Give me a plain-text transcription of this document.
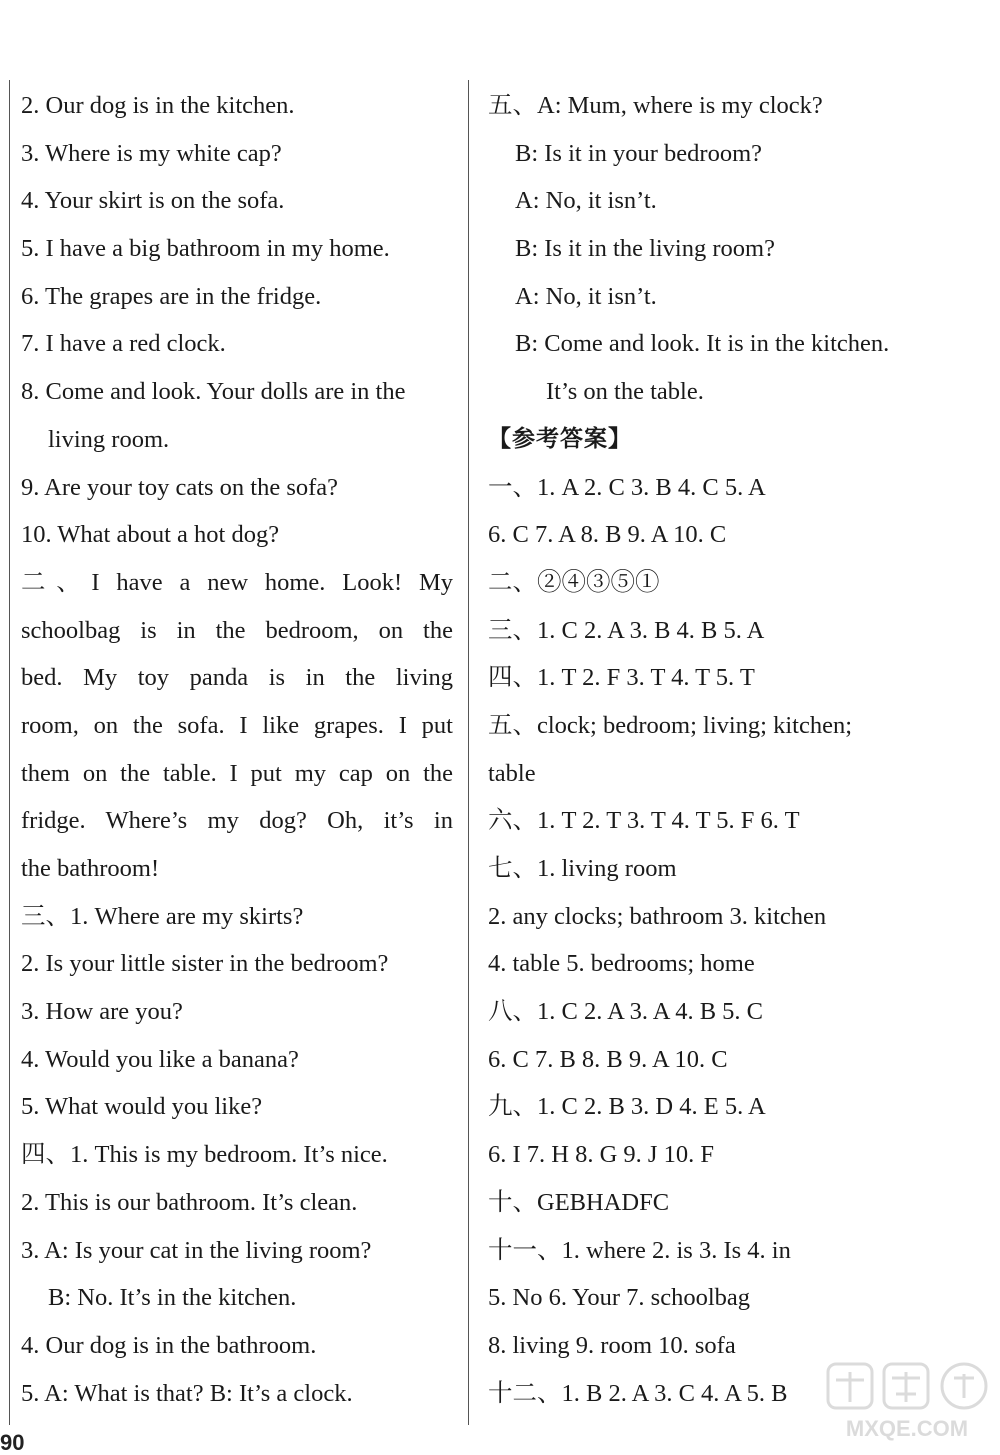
2. Our dog is in the kitchen.
3. Where is my white cap?
4. Your skirt is on the sofa.
5. I have a big bathroom in my home.
6. The grapes are in the fridge.
7. I have a red clock.
8. Come and look. Your dolls are in the
living room.
9. Are your toy cats on the sofa?
10. What about a hot dog?
二、I have a new home. Look! My
schoolbag is in the bedroom, on the
bed. My toy panda is in the living
room, on the sofa. I like grapes. I put
them on the table. I put my cap on the
fridge. Where’s my dog? Oh, it’s in
the bathroom!
三、1. Where are my skirts?
2. Is your little sister in the bedroom?
3. How are you?
4. Would you like a banana?
5. What would you like?
四、1. This is my bedroom. It’s nice.
2. This is our bathroom. It’s clean.
3. A: Is your cat in the living room?
B: No. It’s in the kitchen.
4. Our dog is in the bathroom.
5. A: What is that? B: It’s a clock.
五、A: Mum, where is my clock?
B: Is it in your bedroom?
A: No, it isn’t.
B: Is it in the living room?
A: No, it isn’t.
B: Come and look. It is in the kitchen.
It’s on the table.
【参考答案】
一、1. A 2. C 3. B 4. C 5. A
6. C 7. A 8. B 9. A 10. C
二、②④③⑤①
三、1. C 2. A 3. B 4. B 5. A
四、1. T 2. F 3. T 4. T 5. T
五、clock; bedroom; living; kitchen;
table
六、1. T 2. T 3. T 4. T 5. F 6. T
七、1. living room
2. any clocks; bathroom 3. kitchen
4. table 5. bedrooms; home
八、1. C 2. A 3. A 4. B 5. C
6. C 7. B 8. B 9. A 10. C
九、1. C 2. B 3. D 4. E 5. A
6. I 7. H 8. G 9. J 10. F
十、GEBHADFC
十一、1. where 2. is 3. Is 4. in
5. No 6. Your 7. schoolbag
8. living 9. room 10. sofa
十二、1. B 2. A 3. C 4. A 5. B
90
MXQE.COM
